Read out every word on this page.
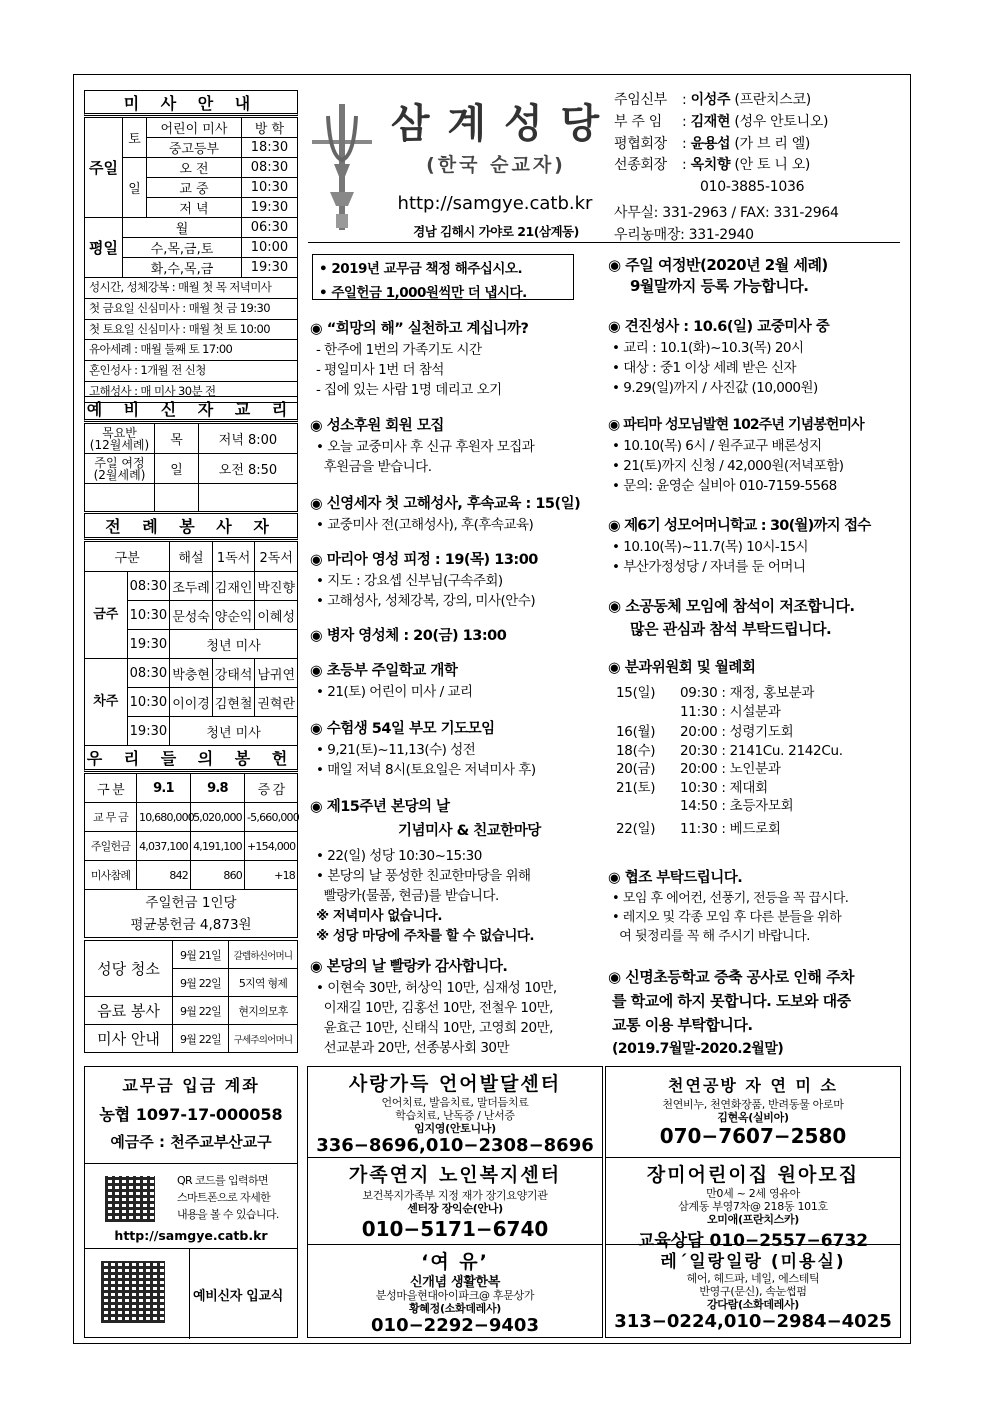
미 사 안 내
주일	토	어린이 미사	방 학
		중고등부	18:30
	일	오 전	08:30
		교 중	10:30
		저 녁	19:30
평일	월		06:30
	수,목,금,토		10:00
	화,수,목,금		19:30
성시간, 성체강복 : 매월 첫 목 저녁미사
첫 금요일 신심미사 : 매월 첫 금 19:30
첫 토요일 신심미사 : 매월 첫 토 10:00
유아세례 : 매월 둘째 토 17:00
혼인성사 : 1개월 전 신청
고해성사 : 매 미사 30분 전
예 비 신 자 교 리
목요반
(12월세례)	목	저녁 8:00
주일 여정
(2월세례)	일	오전 8:50

전 례 봉 사 자
구분		해설	1독서	2독서
금주	08:30	조두례	김재인	박진향
	10:30	문성숙	양순익	이혜성
	19:30	청년 미사		
차주	08:30	박충현	강태석	남귀연
	10:30	이이경	김현철	권혁란
	19:30	청년 미사		
우 리 들 의 봉 헌
구 분	9.1	9.8	증 감
교 무 금	10,680,000	5,020,000	-5,660,000
주일헌금	4,037,100	4,191,100	+154,000
미사참례	842	860	+18
주일헌금 1인당
평균봉헌금 4,873원			
성당 청소	9월 21일	갈렙하신어머니
	9월 22일	5지역 형제
음료 봉사	9월 22일	현지의모후
미사 안내	9월 22일	구세주의어머니
삼 계 성 당
(한국 순교자)
http://samgye.catb.kr
경남 김해시 가야로 21(삼계동)
주임신부 : 이성주 (프란치스코)
부 주 임 : 김재현 (성우 안토니오)
평협회장 : 윤용섭 (가 브 리 엘)
선종회장 : 옥치향 (안 토 니 오)
010-3885-1036
사무실: 331-2963 / FAX: 331-2964
우리농매장: 331-2940
• 2019년 교무금 책정 해주십시오.
• 주일헌금 1,000원씩만 더 냅시다.
◉ “희망의 해” 실천하고 계십니까?
- 한주에 1번의 가족기도 시간
- 평일미사 1번 더 참석
- 집에 있는 사람 1명 데리고 오기
◉ 성소후원 회원 모집
• 오늘 교중미사 후 신규 후원자 모집과
후원금을 받습니다.
◉ 신영세자 첫 고해성사, 후속교육 : 15(일)
• 교중미사 전(고해성사), 후(후속교육)
◉ 마리아 영성 피정 : 19(목) 13:00
• 지도 : 강요셉 신부님(구속주회)
• 고해성사, 성체강복, 강의, 미사(안수)
◉ 병자 영성체 : 20(금) 13:00
◉ 초등부 주일학교 개학
• 21(토) 어린이 미사 / 교리
◉ 수험생 54일 부모 기도모임
• 9,21(토)~11,13(수) 성전
• 매일 저녁 8시(토요일은 저녁미사 후)
◉ 제15주년 본당의 날
기념미사 & 친교한마당
• 22(일) 성당 10:30~15:30
• 본당의 날 풍성한 친교한마당을 위해
빨랑카(물품, 현금)를 받습니다.
※ 저녁미사 없습니다.
※ 성당 마당에 주차를 할 수 없습니다.
◉ 본당의 날 빨랑카 감사합니다.
• 이현숙 30만, 허상익 10만, 심재성 10만,
이재길 10만, 김홍선 10만, 전철우 10만,
윤효근 10만, 신태식 10만, 고영희 20만,
선교분과 20만, 선종봉사회 30만
◉ 주일 여정반(2020년 2월 세례)
9월말까지 등록 가능합니다.
◉ 견진성사 : 10.6(일) 교중미사 중
• 교리 : 10.1(화)~10.3(목) 20시
• 대상 : 중1 이상 세례 받은 신자
• 9.29(일)까지 / 사진값 (10,000원)
◉ 파티마 성모님발현 102주년 기념봉헌미사
• 10.10(목) 6시 / 원주교구 배론성지
• 21(토)까지 신청 / 42,000원(저녁포함)
• 문의: 윤영순 실비아 010-7159-5568
◉ 제6기 성모어머니학교 : 30(월)까지 접수
• 10.10(목)~11.7(목) 10시-15시
• 부산가정성당 / 자녀를 둔 어머니
◉ 소공동체 모임에 참석이 저조합니다.
많은 관심과 참석 부탁드립니다.
◉ 분과위원회 및 월례회
15(일)	09:30 : 재정, 홍보분과
11:30 : 시설분과
16(월)	20:00 : 성령기도회
18(수)	20:30 : 2141Cu. 2142Cu.
20(금)	20:00 : 노인분과
21(토)	10:30 : 제대회
14:50 : 초등자모회
22(일)	11:30 : 베드로회
◉ 협조 부탁드립니다.
• 모임 후 에어컨, 선풍기, 전등을 꼭 끕시다.
• 레지오 및 각종 모임 후 다른 분들을 위하
여 뒷정리를 꼭 해 주시기 바랍니다.
◉ 신명초등학교 증축 공사로 인해 주차
를 학교에 하지 못합니다. 도보와 대중
교통 이용 부탁합니다.
(2019.7월말-2020.2월말)
교무금 입금 계좌
농협 1097-17-000058
예금주 : 천주교부산교구
QR 코드를 입력하면
스마트폰으로 자세한
내용을 볼 수 있습니다.
http://samgye.catb.kr
예비신자 입교식
사랑가득 언어발달센터
언어치료, 발음치료, 말더듬치료
학습치료, 난독증 / 난서증
임지영(안토니나)
336−8696,010−2308−8696
천연공방 자 연 미 소
천연비누, 천연화장품, 반려동물 아로마
김현옥(실비아)
070−7607−2580
가족연지 노인복지센터
보건복지가족부 지정 재가 장기요양기관
센터장 장익순(안나)
010−5171−6740
장미어린이집 원아모집
만0세 ~ 2세 영유아
삼계동 부영7차@ 218동 101호
오미애(프란치스카)
교육상담 010−2557−6732
‘여 유’
신개념 생활한복
분성마을현대아이파크@ 후문상가
황혜정(소화데레사)
010−2292−9403
레´일랑일랑 (미용실)
헤어, 헤드파, 네일, 에스테틱
반영구(문신), 속눈썹펌
강다람(소화데레사)
313−0224,010−2984−4025
